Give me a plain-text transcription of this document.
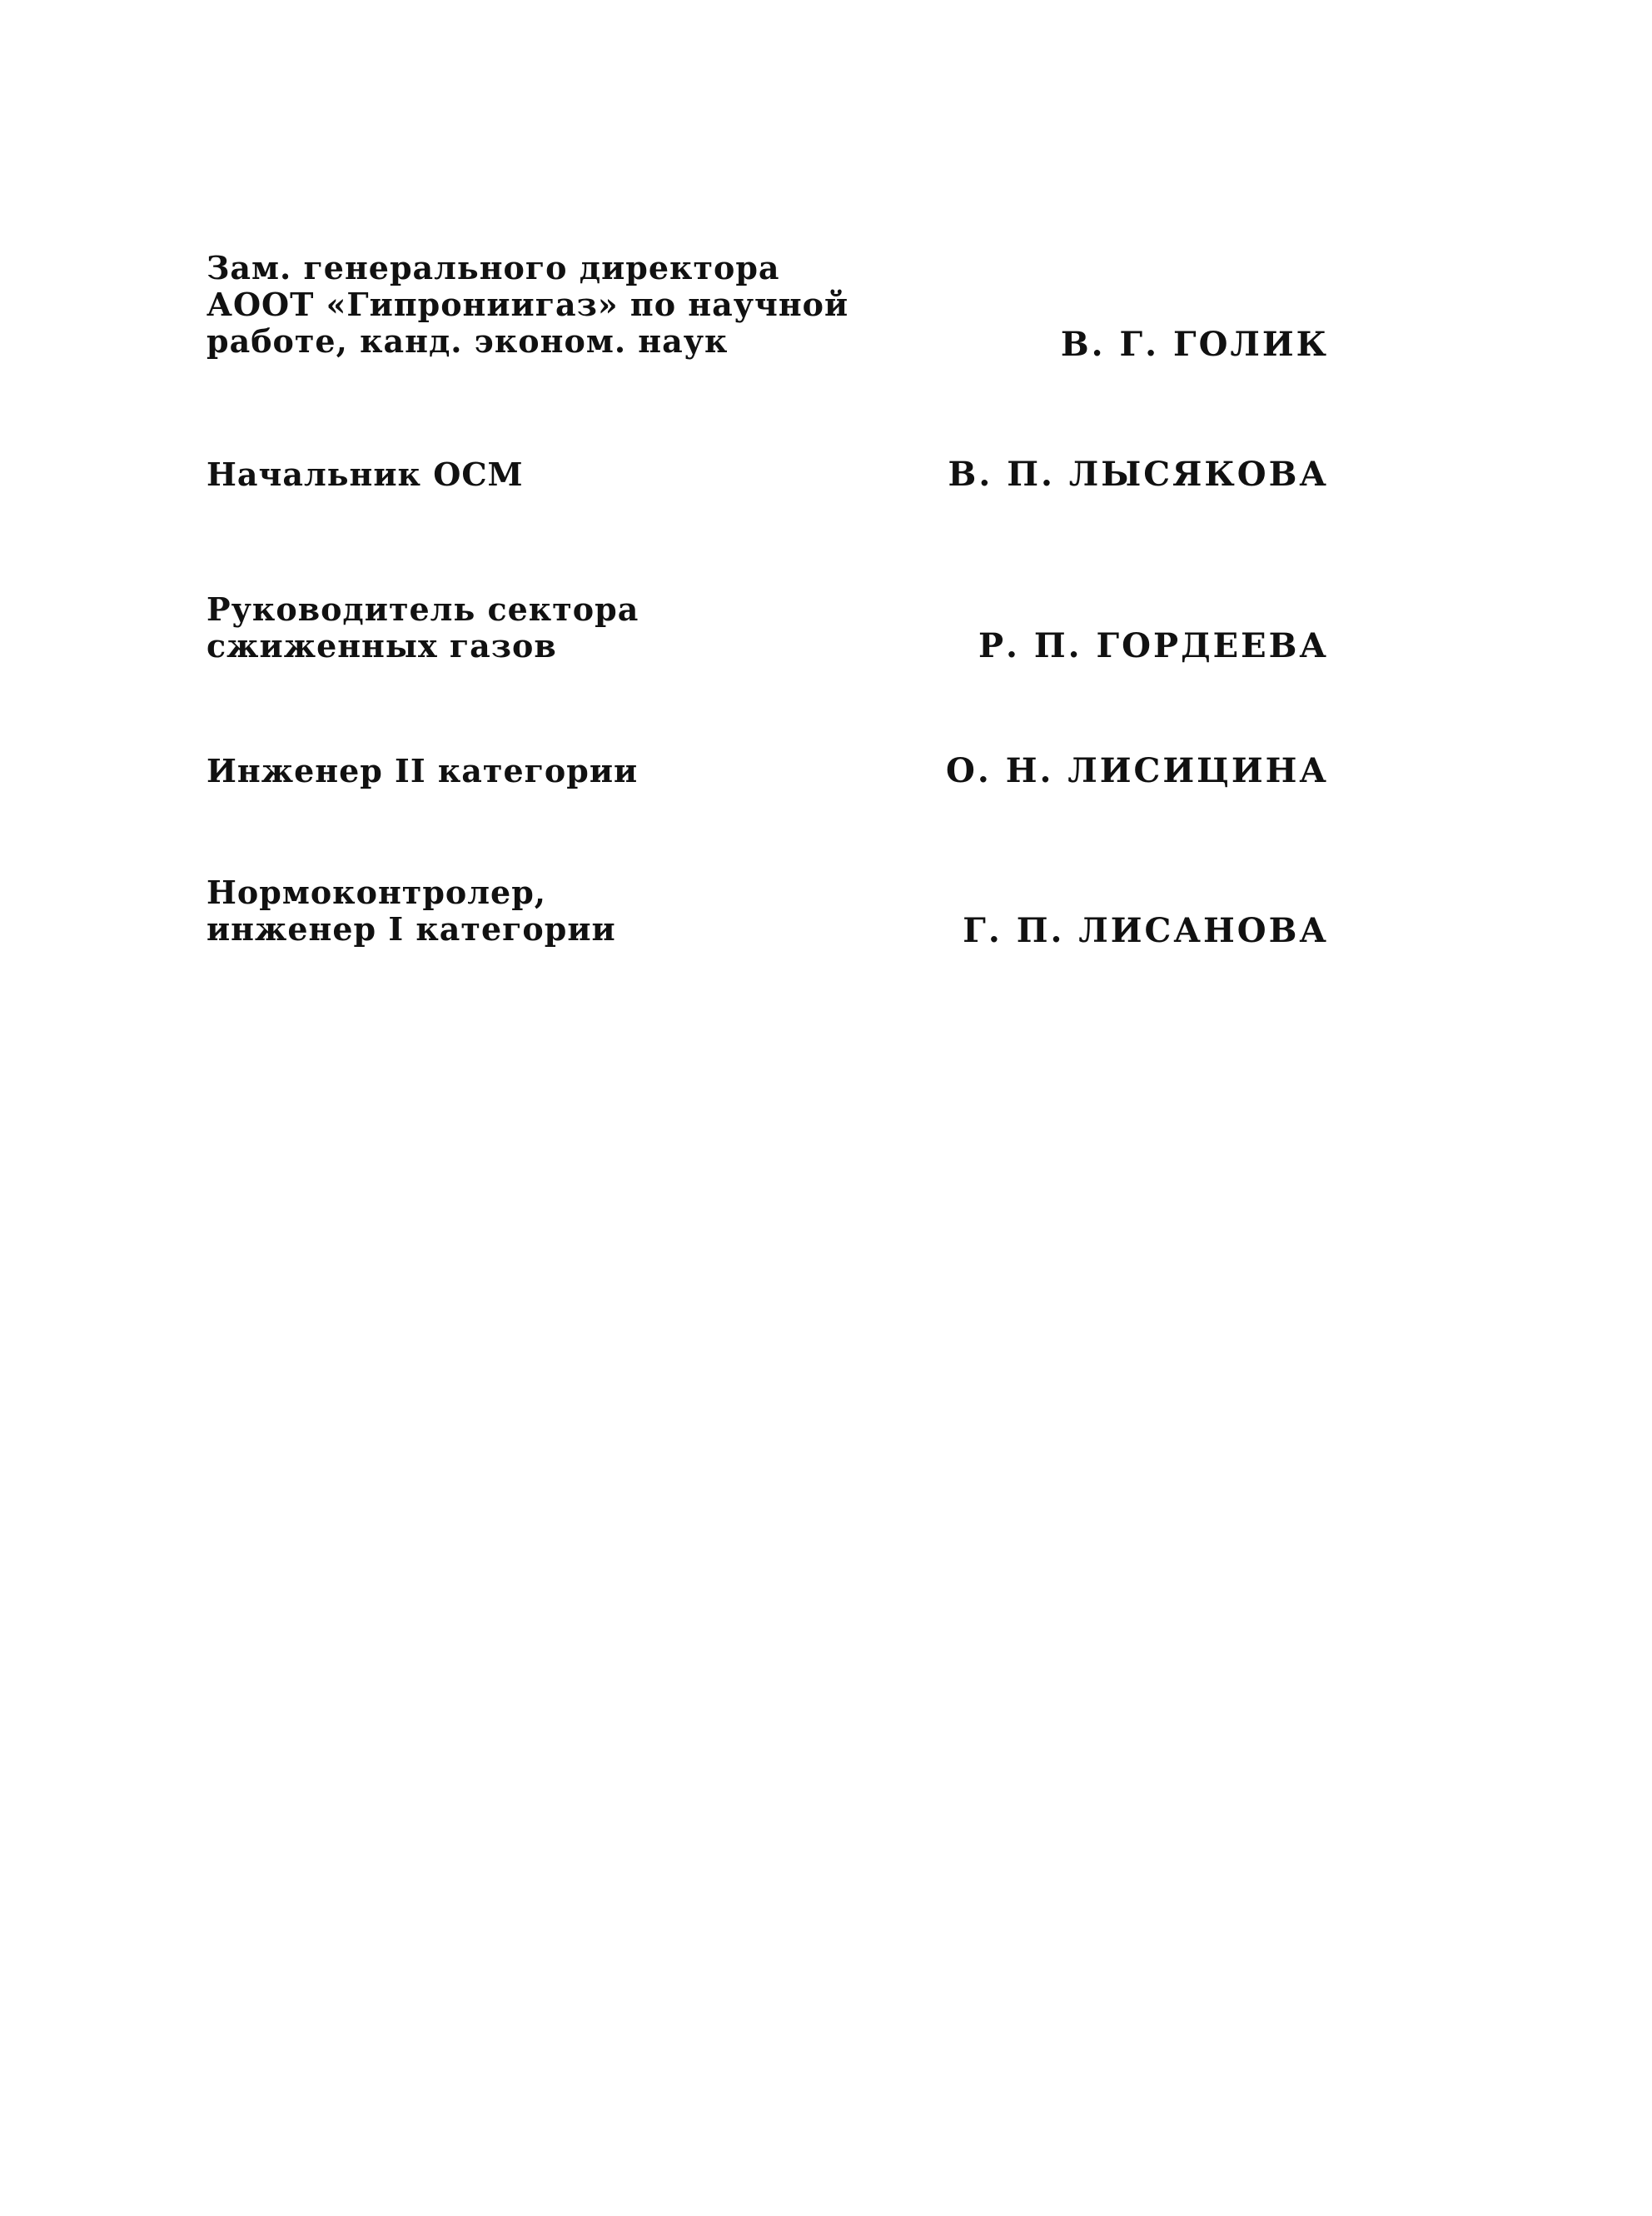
Зам. генерального директора
АООТ «Гипрониигаз» по научной
работе, канд. эконом. наук	В. Г. ГОЛИК
Начальник ОСМ	В. П. ЛЫСЯКОВА
Руководитель сектора
сжиженных газов	Р. П. ГОРДЕЕВА
Инженер II категории	О. Н. ЛИСИЦИНА
Нормоконтролер,
инженер I категории	Г. П. ЛИСАНОВА
